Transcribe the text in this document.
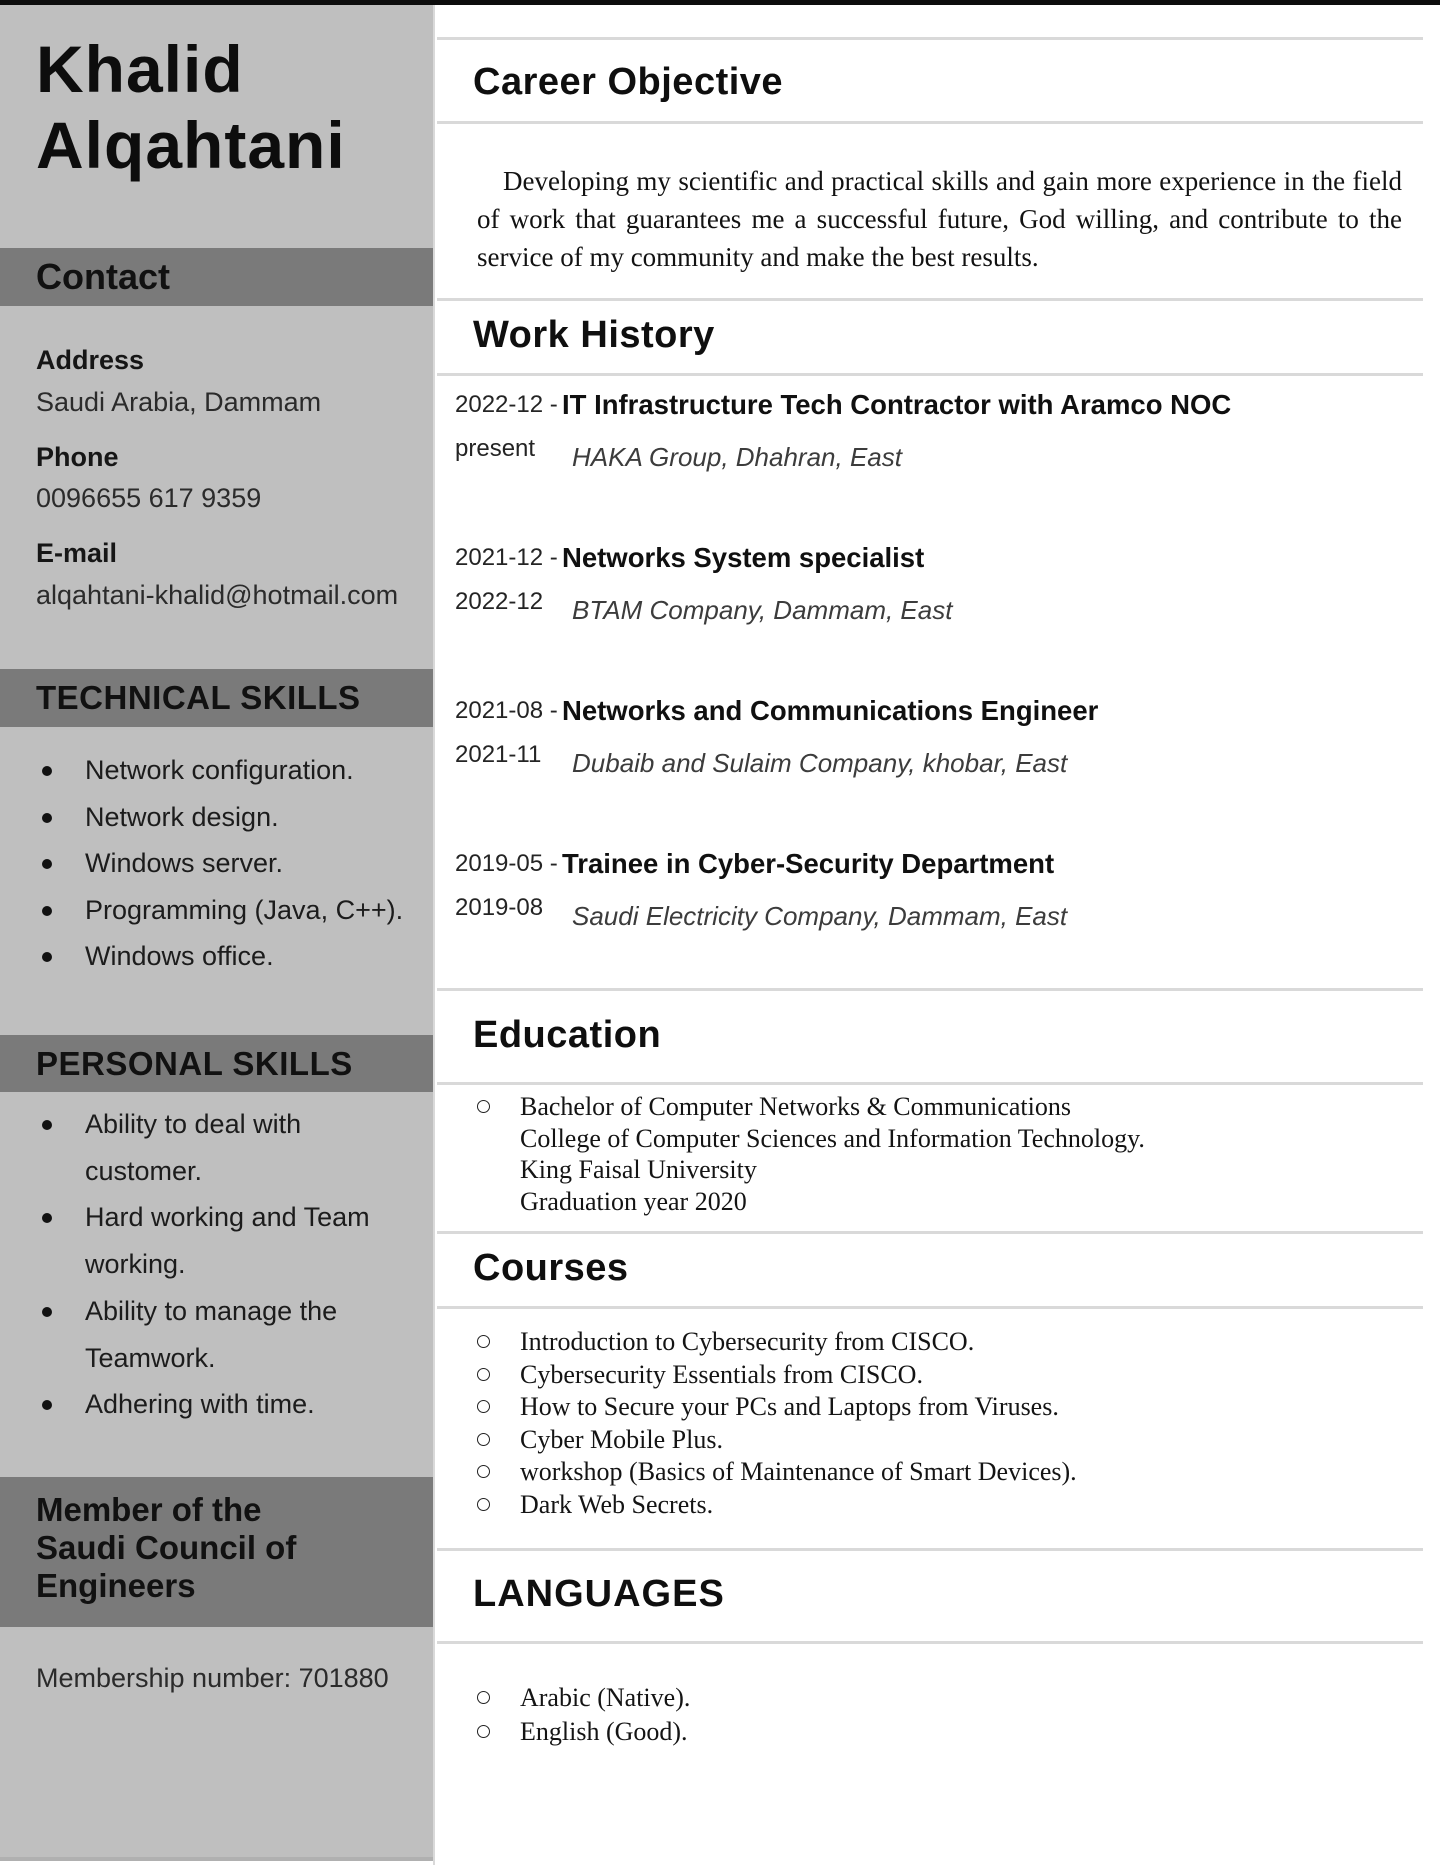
Khalid
Alqahtani
Contact
Address
Saudi Arabia, Dammam
Phone
0096655 617 9359
E-mail
alqahtani-khalid@hotmail.com
TECHNICAL SKILLS
Network configuration.
Network design.
Windows server.
Programming (Java, C++).
Windows office.
PERSONAL SKILLS
Ability to deal with customer.
Hard working and Team working.
Ability to manage the Teamwork.
Adhering with time.
Member of the Saudi Council of Engineers
Membership number: 701880
Career Objective

Developing my scientific and practical skills and gain more experience in the field of work that guarantees me a successful future, God willing, and contribute to the service of my community and make the best results.

Work History
2022-12 -
present
IT Infrastructure Tech Contractor with Aramco NOC
HAKA Group, Dhahran, East
2021-12 -
2022-12
Networks System specialist
BTAM Company, Dammam, East
2021-08 -
2021-11
Networks and Communications Engineer
Dubaib and Sulaim Company, khobar, East
2019-05 -
2019-08
Trainee in Cyber-Security Department
Saudi Electricity Company, Dammam, East
Education
Bachelor of Computer Networks & Communications
College of Computer Sciences and Information Technology.
King Faisal University
Graduation year 2020
Courses
Introduction to Cybersecurity from CISCO.
Cybersecurity Essentials from CISCO.
How to Secure your PCs and Laptops from Viruses.
Cyber Mobile Plus.
workshop (Basics of Maintenance of Smart Devices).
Dark Web Secrets.
LANGUAGES
Arabic (Native).
English (Good).
